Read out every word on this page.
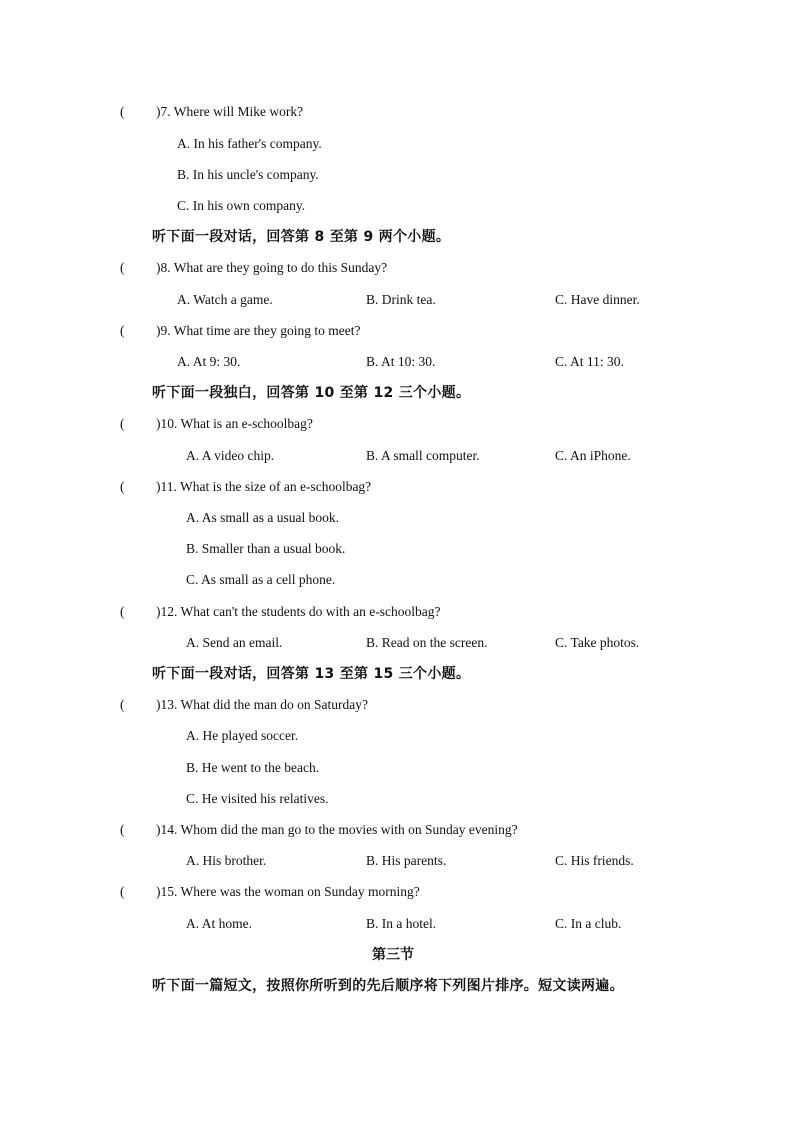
( )7. Where will Mike work?
A. In his father's company.
B. In his uncle's company.
C. In his own company.
听下面一段对话，回答第 8 至第 9 两个小题。
( )8. What are they going to do this Sunday?
A. Watch a game.	B. Drink tea.	C. Have dinner.
( )9. What time are they going to meet?
A. At 9: 30.	B. At 10: 30.	C. At 11: 30.
听下面一段独白，回答第 10 至第 12 三个小题。
( )10. What is an e-schoolbag?
A. A video chip.	B. A small computer.	C. An iPhone.
( )11. What is the size of an e-schoolbag?
A. As small as a usual book.
B. Smaller than a usual book.
C. As small as a cell phone.
( )12. What can't the students do with an e-schoolbag?
A. Send an email.	B. Read on the screen.	C. Take photos.
听下面一段对话，回答第 13 至第 15 三个小题。
( )13. What did the man do on Saturday?
A. He played soccer.
B. He went to the beach.
C. He visited his relatives.
( )14. Whom did the man go to the movies with on Sunday evening?
A. His brother.	B. His parents.	C. His friends.
( )15. Where was the woman on Sunday morning?
A. At home.	B. In a hotel.	C. In a club.
第三节
听下面一篇短文，按照你所听到的先后顺序将下列图片排序。短文读两遍。
